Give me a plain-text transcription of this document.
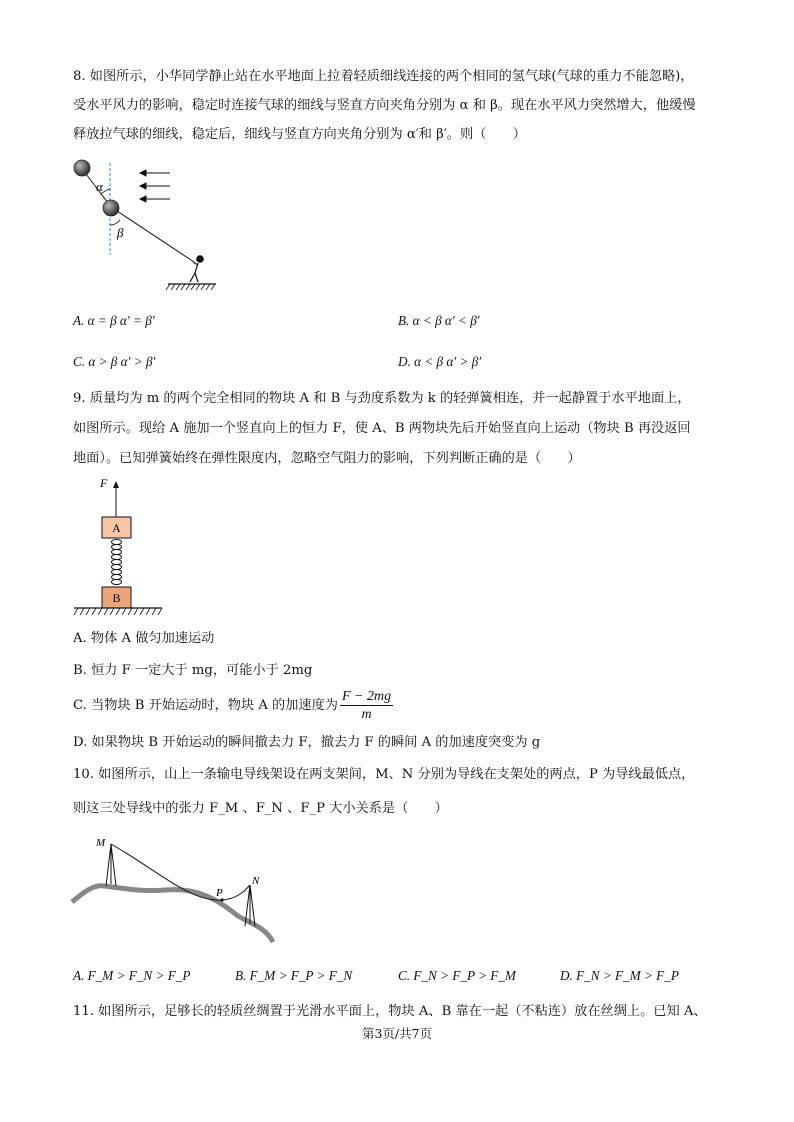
8. 如图所示，小华同学静止站在水平地面上拉着轻质细线连接的两个相同的氢气球(气球的重力不能忽略)，
受水平风力的影响，稳定时连接气球的细线与竖直方向夹角分别为 α 和 β。现在水平风力突然增大，他缓慢
释放拉气球的细线，稳定后，细线与竖直方向夹角分别为 α′和 β′。则（　　）
α
β
A. α = β α′ = β′	B. α < β α′ < β′
C. α > β α′ > β′	D. α < β α′ > β′
9. 质量均为 m 的两个完全相同的物块 A 和 B 与劲度系数为 k 的轻弹簧相连，并一起静置于水平地面上，
如图所示。现给 A 施加一个竖直向上的恒力 F，使 A、B 两物块先后开始竖直向上运动（物块 B 再没返回
地面）。已知弹簧始终在弹性限度内，忽略空气阻力的影响，下列判断正确的是（　　）
F
A
B
A. 物体 A 做匀加速运动
B. 恒力 F 一定大于 mg，可能小于 2mg
C. 当物块 B 开始运动时，物块 A 的加速度为 $\frac{F - 2mg}{m}$
D. 如果物块 B 开始运动的瞬间撤去力 F，撤去力 F 的瞬间 A 的加速度突变为 g
10. 如图所示，山上一条输电导线架设在两支架间，M、N 分别为导线在支架处的两点，P 为导线最低点，
则这三处导线中的张力 F_M 、F_N 、F_P 大小关系是（　　）
M
N
P
A. F_M > F_N > F_P	B. F_M > F_P > F_N	C. F_N > F_P > F_M	D. F_N > F_M > F_P
11. 如图所示，足够长的轻质丝绸置于光滑水平面上，物块 A、B 靠在一起（不粘连）放在丝绸上。已知 A、
第3页/共7页
